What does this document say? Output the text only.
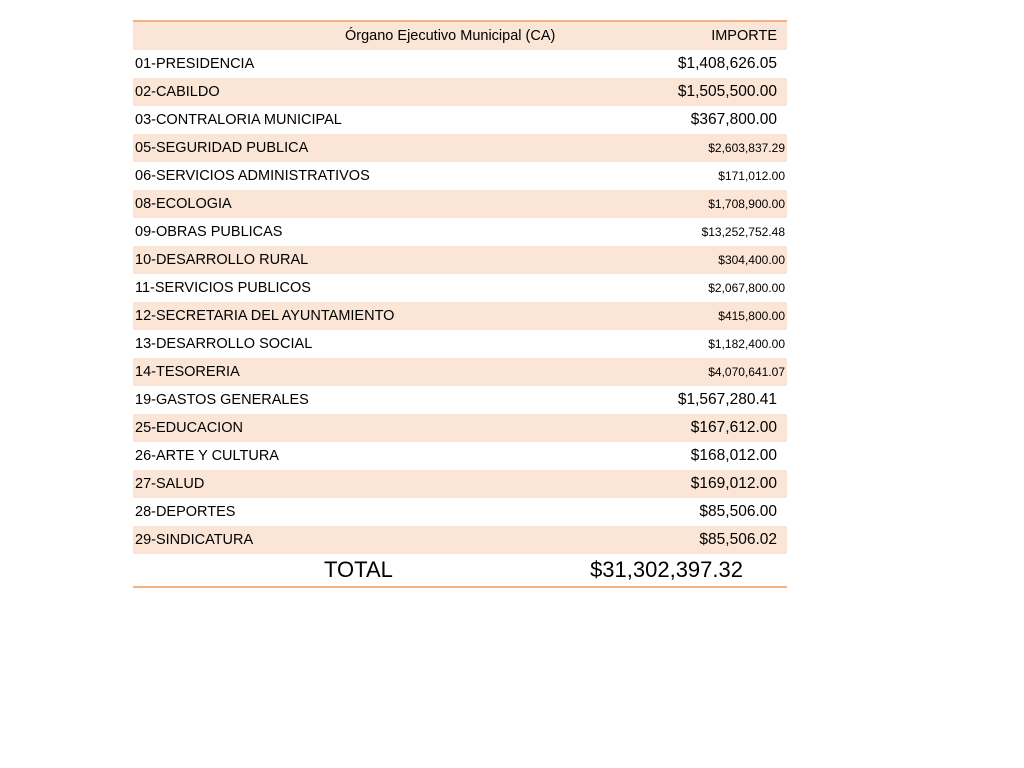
Órgano Ejecutivo Municipal (CA)	IMPORTE
01-PRESIDENCIA	$1,408,626.05
02-CABILDO	$1,505,500.00
03-CONTRALORIA MUNICIPAL	$367,800.00
05-SEGURIDAD PUBLICA	$2,603,837.29
06-SERVICIOS ADMINISTRATIVOS	$171,012.00
08-ECOLOGIA	$1,708,900.00
09-OBRAS PUBLICAS	$13,252,752.48
10-DESARROLLO RURAL	$304,400.00
11-SERVICIOS PUBLICOS	$2,067,800.00
12-SECRETARIA DEL AYUNTAMIENTO	$415,800.00
13-DESARROLLO SOCIAL	$1,182,400.00
14-TESORERIA	$4,070,641.07
19-GASTOS GENERALES	$1,567,280.41
25-EDUCACION	$167,612.00
26-ARTE Y CULTURA	$168,012.00
27-SALUD	$169,012.00
28-DEPORTES	$85,506.00
29-SINDICATURA	$85,506.02
TOTAL	$31,302,397.32
